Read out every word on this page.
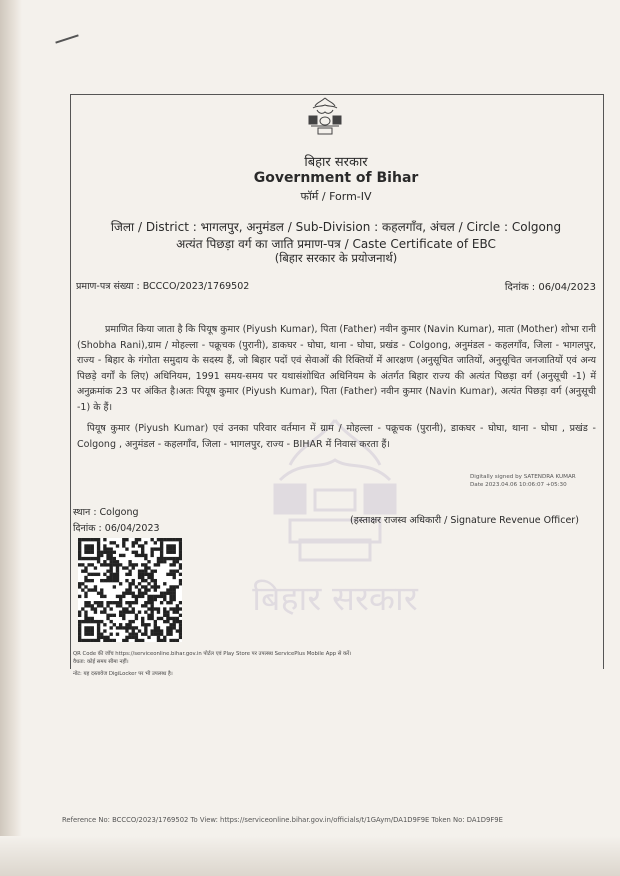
बिहार सरकार
बिहार सरकार
Government of Bihar
फॉर्म / Form-IV
जिला / District : भागलपुर, अनुमंडल / Sub-Division : कहलगाँव, अंचल / Circle : Colgong
अत्यंत पिछड़ा वर्ग का जाति प्रमाण-पत्र / Caste Certificate of EBC
(बिहार सरकार के प्रयोजनार्थ)
प्रमाण-पत्र संख्या : BCCCO/2023/1769502	दिनांक : 06/04/2023
प्रमाणित किया जाता है कि पियूष कुमार (Piyush Kumar), पिता (Father) नवीन कुमार (Navin Kumar), माता (Mother) शोभा रानी (Shobha Rani),ग्राम / मोहल्ला - पक्रूचक (पुरानी), डाकघर - घोघा, थाना - घोघा, प्रखंड - Colgong, अनुमंडल - कहलगाँव, जिला - भागलपुर, राज्य - बिहार के गंगोता समुदाय के सदस्य हैं, जो बिहार पदों एवं सेवाओं की रिक्तियों में आरक्षण (अनुसूचित जातियों, अनुसूचित जनजातियों एवं अन्य पिछड़े वर्गों के लिए) अधिनियम, 1991 समय-समय पर यथासंशोधित अधिनियम के अंतर्गत बिहार राज्य की अत्यंत पिछड़ा वर्ग (अनुसूची -1) में अनुक्रमांक 23 पर अंकित है।अतः पियूष कुमार (Piyush Kumar), पिता (Father) नवीन कुमार (Navin Kumar), अत्यंत पिछड़ा वर्ग (अनुसूची -1) के हैं।
पियूष कुमार (Piyush Kumar) एवं उनका परिवार वर्तमान में ग्राम / मोहल्ला - पक्रूचक (पुरानी), डाकघर - घोघा, थाना - घोघा , प्रखंड - Colgong , अनुमंडल - कहलगाँव, जिला - भागलपुर, राज्य - BIHAR में निवास करता हैं।
Digitally signed by SATENDRA KUMAR
Date 2023.04.06 10:06:07 +05:30
स्थान : Colgong
दिनांक : 06/04/2023
(हस्ताक्षर राजस्व अधिकारी / Signature Revenue Officer)
QR Code की जाँच https://serviceonline.bihar.gov.in पोर्टल एवं Play Store पर उपलब्ध ServicePlus Mobile App से करें।
वैधता: कोई समय सीमा नहीं।
नोट: यह दस्तावेज DigiLocker पर भी उपलब्ध है।
Reference No: BCCCO/2023/1769502 To View: https://serviceonline.bihar.gov.in/officials/t/1GAym/DA1D9F9E Token No: DA1D9F9E
